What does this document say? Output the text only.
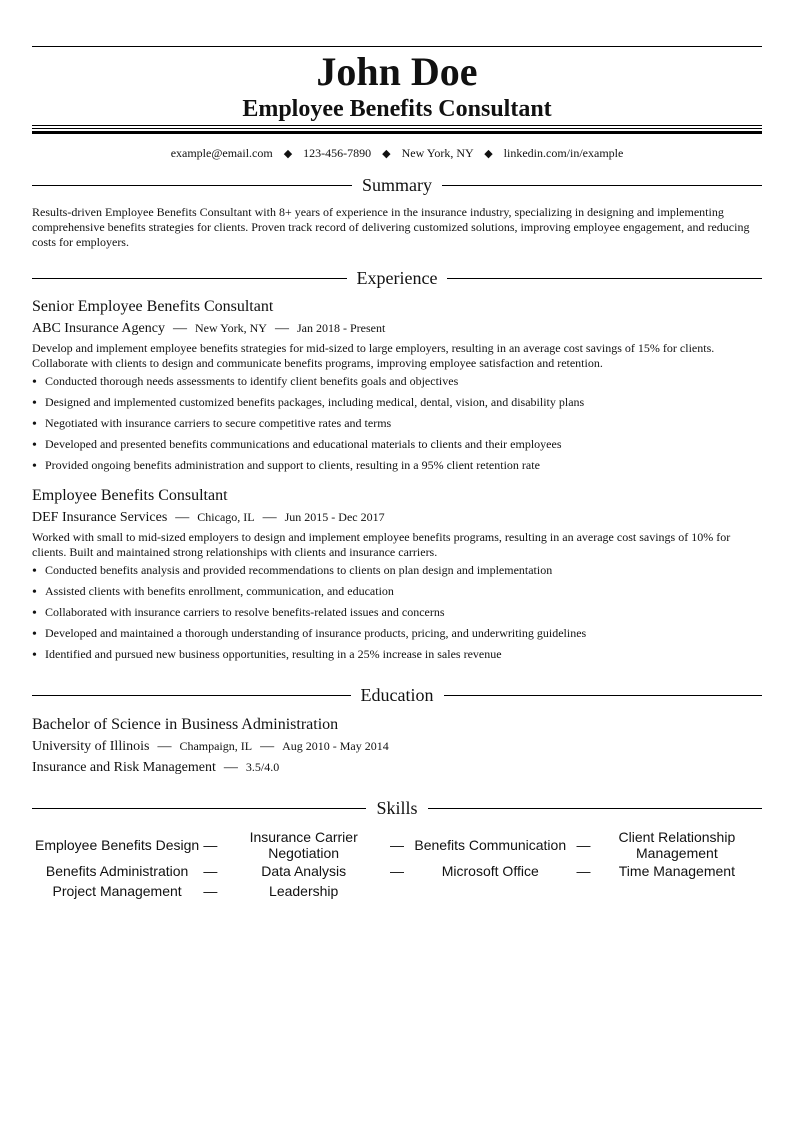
John Doe
Employee Benefits Consultant
example@email.com ◆ 123-456-7890 ◆ New York, NY ◆ linkedin.com/in/example
Summary
Results-driven Employee Benefits Consultant with 8+ years of experience in the insurance industry, specializing in designing and implementing comprehensive benefits strategies for clients. Proven track record of delivering customized solutions, improving employee engagement, and reducing costs for employers.
Experience
Senior Employee Benefits Consultant
ABC Insurance Agency — New York, NY — Jan 2018 - Present
Develop and implement employee benefits strategies for mid-sized to large employers, resulting in an average cost savings of 15% for clients. Collaborate with clients to design and communicate benefits programs, improving employee satisfaction and retention.
• Conducted thorough needs assessments to identify client benefits goals and objectives
• Designed and implemented customized benefits packages, including medical, dental, vision, and disability plans
• Negotiated with insurance carriers to secure competitive rates and terms
• Developed and presented benefits communications and educational materials to clients and their employees
• Provided ongoing benefits administration and support to clients, resulting in a 95% client retention rate
Employee Benefits Consultant
DEF Insurance Services — Chicago, IL — Jun 2015 - Dec 2017
Worked with small to mid-sized employers to design and implement employee benefits programs, resulting in an average cost savings of 10% for clients. Built and maintained strong relationships with clients and insurance carriers.
• Conducted benefits analysis and provided recommendations to clients on plan design and implementation
• Assisted clients with benefits enrollment, communication, and education
• Collaborated with insurance carriers to resolve benefits-related issues and concerns
• Developed and maintained a thorough understanding of insurance products, pricing, and underwriting guidelines
• Identified and pursued new business opportunities, resulting in a 25% increase in sales revenue
Education
Bachelor of Science in Business Administration
University of Illinois — Champaign, IL — Aug 2010 - May 2014
Insurance and Risk Management — 3.5/4.0
Skills
Employee Benefits Design	—	Insurance Carrier Negotiation	—	Benefits Communication	—	Client Relationship Management
Benefits Administration	—	Data Analysis	—	Microsoft Office	—	Time Management
Project Management	—	Leadership				
